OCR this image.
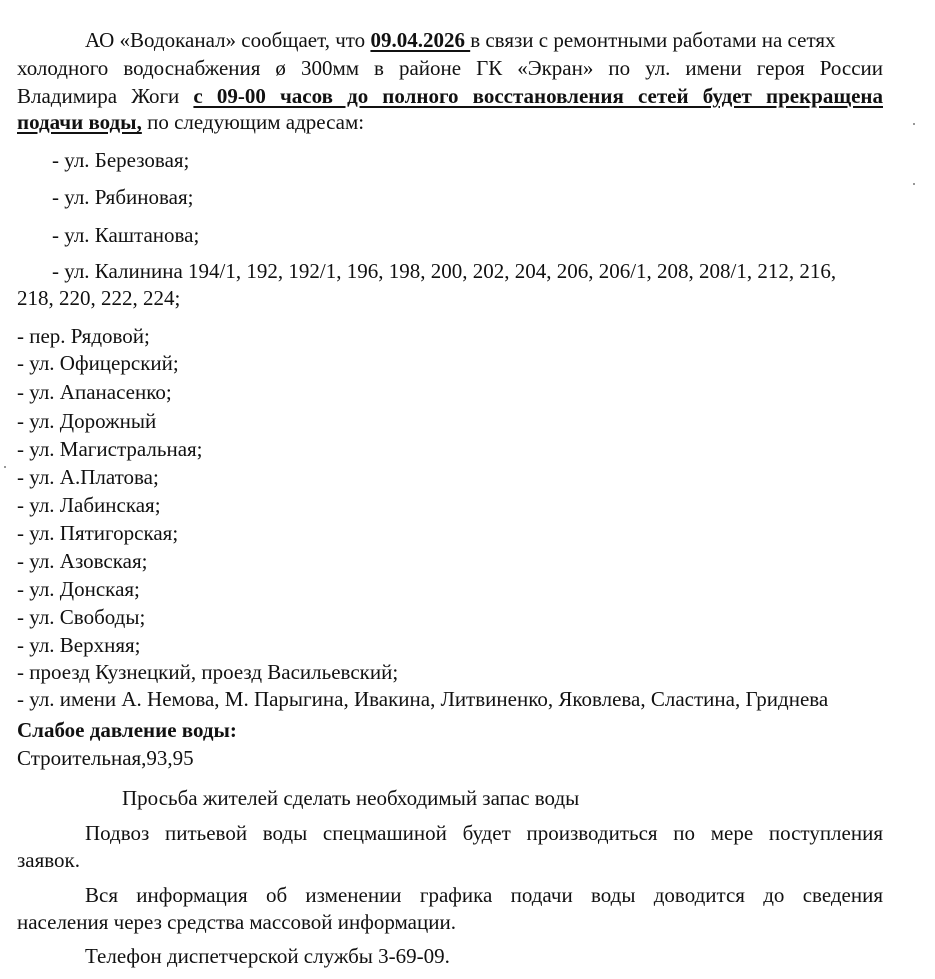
АО «Водоканал» сообщает, что 09.04.2026 в связи с ремонтными работами на сетях
холодного водоснабжения ø 300мм в районе ГК «Экран» по ул. имени героя России
Владимира Жоги с 09-00 часов до полного восстановления сетей будет прекращена
подачи воды, по следующим адресам:
- ул. Березовая;
- ул. Рябиновая;
- ул. Каштанова;
- ул. Калинина 194/1, 192, 192/1, 196, 198, 200, 202, 204, 206, 206/1, 208, 208/1, 212, 216,
218, 220, 222, 224;
- пер. Рядовой;
- ул. Офицерский;
- ул. Апанасенко;
- ул. Дорожный
- ул. Магистральная;
- ул. А.Платова;
- ул. Лабинская;
- ул. Пятигорская;
- ул. Азовская;
- ул. Донская;
- ул. Свободы;
- ул. Верхняя;
- проезд Кузнецкий, проезд Васильевский;
- ул. имени А. Немова, М. Парыгина, Ивакина, Литвиненко, Яковлева, Сластина, Гриднева
Слабое давление воды:
Строительная,93,95
Просьба жителей сделать необходимый запас воды
Подвоз питьевой воды спецмашиной будет производиться по мере поступления
заявок.
Вся информация об изменении графика подачи воды доводится до сведения
населения через средства массовой информации.
Телефон диспетчерской службы 3-69-09.
